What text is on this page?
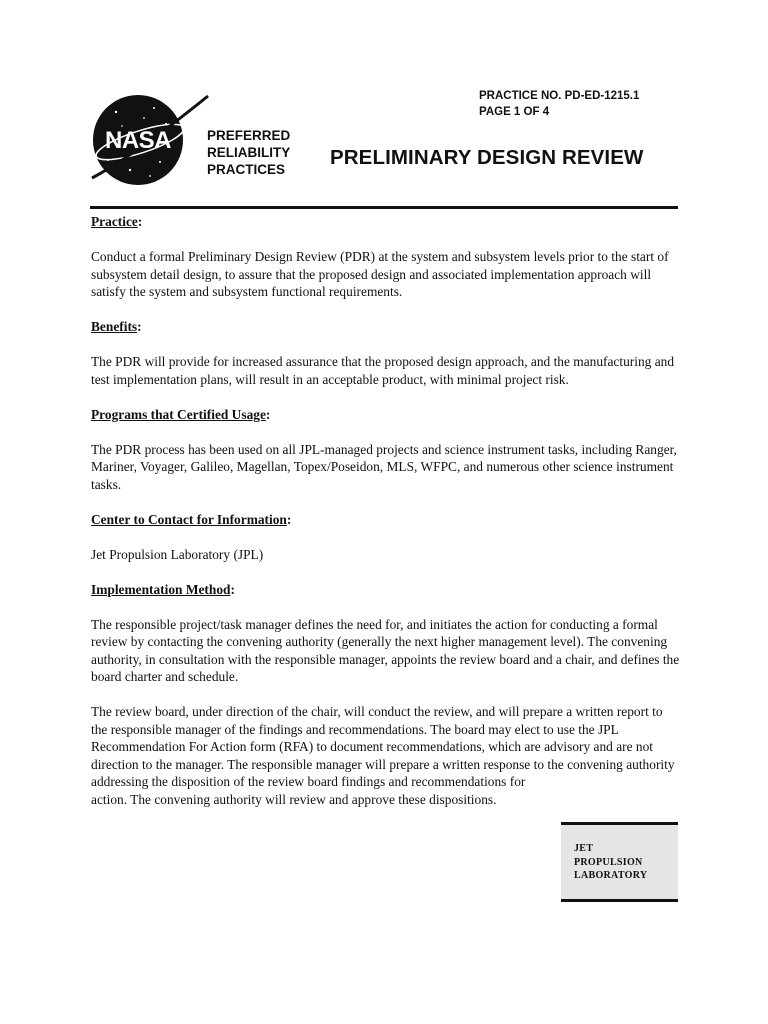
PRACTICE NO. PD-ED-1215.1
PAGE 1 OF 4
NASA	PREFERRED
RELIABILITY
PRACTICES
PRELIMINARY DESIGN REVIEW
Practice:

Conduct a formal Preliminary Design Review (PDR) at the system and subsystem levels prior to the start of subsystem detail design, to assure that the proposed design and associated implementation approach will satisfy the system and subsystem functional requirements.

Benefits:

The PDR will provide for increased assurance that the proposed design approach, and the manufacturing and test implementation plans, will result in an acceptable product, with minimal project risk.

Programs that Certified Usage:

The PDR process has been used on all JPL-managed projects and science instrument tasks, including Ranger, Mariner, Voyager, Galileo, Magellan, Topex/Poseidon, MLS, WFPC, and numerous other science instrument tasks.

Center to Contact for Information:

Jet Propulsion Laboratory (JPL)

Implementation Method:

The responsible project/task manager defines the need for, and initiates the action for conducting a formal review by contacting the convening authority (generally the next higher management level). The convening authority, in consultation with the responsible manager, appoints the review board and a chair, and defines the board charter and schedule.

The review board, under direction of the chair, will conduct the review, and will prepare a written report to the responsible manager of the findings and recommendations. The board may elect to use the JPL Recommendation For Action form (RFA) to document recommendations, which are advisory and are not direction to the manager. The responsible manager will prepare a written response to the convening authority

addressing the disposition of the review board findings and recommendations for action. The convening authority will review and approve these dispositions.

JET
PROPULSION
LABORATORY
